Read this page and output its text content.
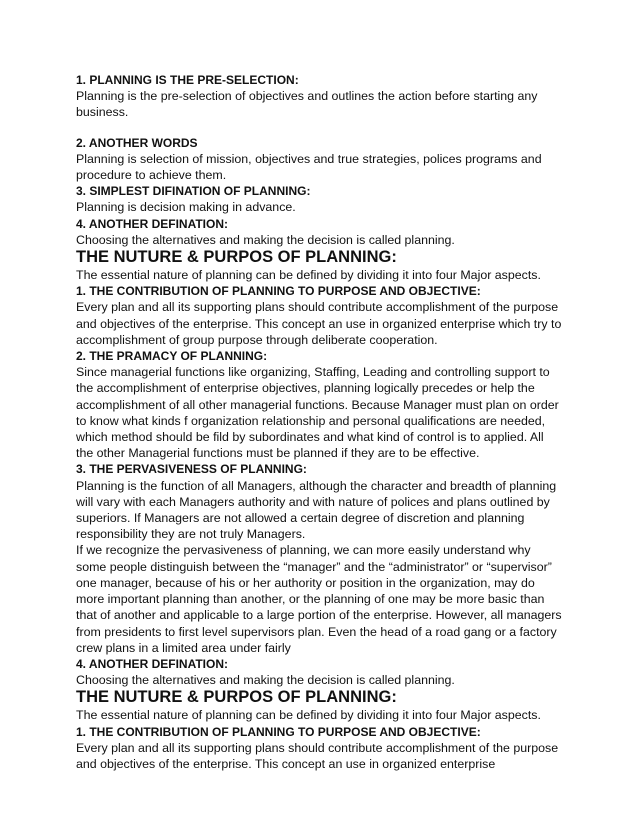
1. PLANNING IS THE PRE-SELECTION:

Planning is the pre-selection of objectives and outlines the action before starting any business.

2. ANOTHER WORDS

Planning is selection of mission, objectives and true strategies, polices programs and procedure to achieve them.

3. SIMPLEST DIFINATION OF PLANNING:

Planning is decision making in advance.

4. ANOTHER DEFINATION:

Choosing the alternatives and making the decision is called planning.

THE NUTURE & PURPOS OF PLANNING:

The essential nature of planning can be defined by dividing it into four Major aspects.

1. THE CONTRIBUTION OF PLANNING TO PURPOSE AND OBJECTIVE:

Every plan and all its supporting plans should contribute accomplishment of the purpose and objectives of the enterprise. This concept an use in organized enterprise which try to accomplishment of group purpose through deliberate cooperation.

2. THE PRAMACY OF PLANNING:

Since managerial functions like organizing, Staffing, Leading and controlling support to the accomplishment of enterprise objectives, planning logically precedes or help the accomplishment of all other managerial functions. Because Manager must plan on order to know what kinds f organization relationship and personal qualifications are needed, which method should be fild by subordinates and what kind of control is to applied. All the other Managerial functions must be planned if they are to be effective.

3. THE PERVASIVENESS OF PLANNING:

Planning is the function of all Managers, although the character and breadth of planning will vary with each Managers authority and with nature of polices and plans outlined by superiors. If Managers are not allowed a certain degree of discretion and planning responsibility they are not truly Managers.

If we recognize the pervasiveness of planning, we can more easily understand why some people distinguish between the “manager” and the “administrator” or “supervisor” one manager, because of his or her authority or position in the organization, may do more important planning than another, or the planning of one may be more basic than that of another and applicable to a large portion of the enterprise. However, all managers from presidents to first level supervisors plan. Even the head of a road gang or a factory crew plans in a limited area under fairly

4. ANOTHER DEFINATION:

Choosing the alternatives and making the decision is called planning.

THE NUTURE & PURPOS OF PLANNING:

The essential nature of planning can be defined by dividing it into four Major aspects.

1. THE CONTRIBUTION OF PLANNING TO PURPOSE AND OBJECTIVE:

Every plan and all its supporting plans should contribute accomplishment of the purpose and objectives of the enterprise. This concept an use in organized enterprise
